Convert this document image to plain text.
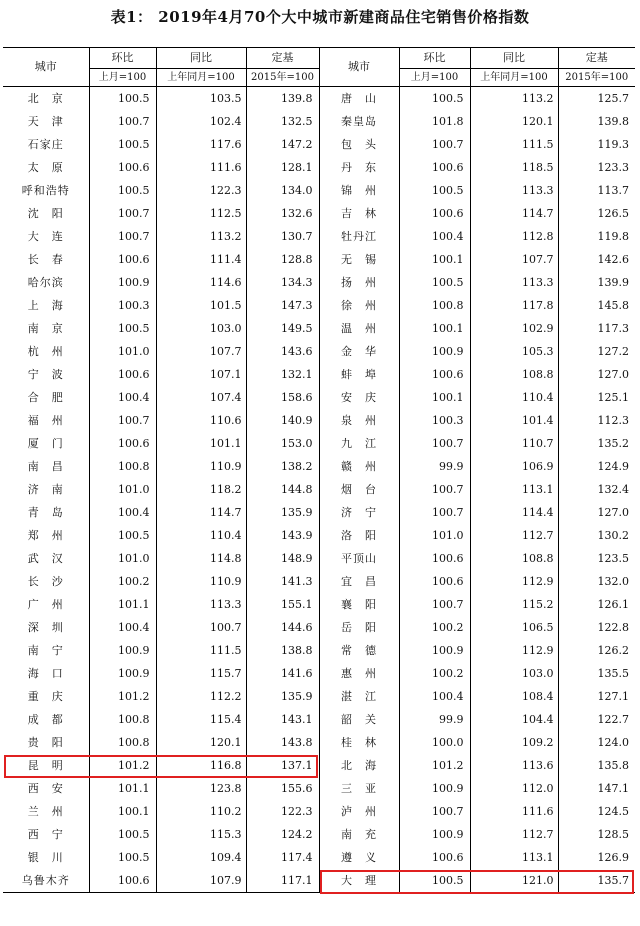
表1： 2019年4月70个大中城市新建商品住宅销售价格指数
城市	环比	同比	定基	城市	环比	同比	定基
	上月=100	上年同月=100	2015年=100		上月=100	上年同月=100	2015年=100
北　京	100.5	103.5	139.8	唐　山	100.5	113.2	125.7
天　津	100.7	102.4	132.5	秦皇岛	101.8	120.1	139.8
石家庄	100.5	117.6	147.2	包　头	100.7	111.5	119.3
太　原	100.6	111.6	128.1	丹　东	100.6	118.5	123.3
呼和浩特	100.5	122.3	134.0	锦　州	100.5	113.3	113.7
沈　阳	100.7	112.5	132.6	吉　林	100.6	114.7	126.5
大　连	100.7	113.2	130.7	牡丹江	100.4	112.8	119.8
长　春	100.6	111.4	128.8	无　锡	100.1	107.7	142.6
哈尔滨	100.9	114.6	134.3	扬　州	100.5	113.3	139.9
上　海	100.3	101.5	147.3	徐　州	100.8	117.8	145.8
南　京	100.5	103.0	149.5	温　州	100.1	102.9	117.3
杭　州	101.0	107.7	143.6	金　华	100.9	105.3	127.2
宁　波	100.6	107.1	132.1	蚌　埠	100.6	108.8	127.0
合　肥	100.4	107.4	158.6	安　庆	100.1	110.4	125.1
福　州	100.7	110.6	140.9	泉　州	100.3	101.4	112.3
厦　门	100.6	101.1	153.0	九　江	100.7	110.7	135.2
南　昌	100.8	110.9	138.2	赣　州	99.9	106.9	124.9
济　南	101.0	118.2	144.8	烟　台	100.7	113.1	132.4
青　岛	100.4	114.7	135.9	济　宁	100.7	114.4	127.0
郑　州	100.5	110.4	143.9	洛　阳	101.0	112.7	130.2
武　汉	101.0	114.8	148.9	平顶山	100.6	108.8	123.5
长　沙	100.2	110.9	141.3	宜　昌	100.6	112.9	132.0
广　州	101.1	113.3	155.1	襄　阳	100.7	115.2	126.1
深　圳	100.4	100.7	144.6	岳　阳	100.2	106.5	122.8
南　宁	100.9	111.5	138.8	常　德	100.9	112.9	126.2
海　口	100.9	115.7	141.6	惠　州	100.2	103.0	135.5
重　庆	101.2	112.2	135.9	湛　江	100.4	108.4	127.1
成　都	100.8	115.4	143.1	韶　关	99.9	104.4	122.7
贵　阳	100.8	120.1	143.8	桂　林	100.0	109.2	124.0
昆　明	101.2	116.8	137.1	北　海	101.2	113.6	135.8
西　安	101.1	123.8	155.6	三　亚	100.9	112.0	147.1
兰　州	100.1	110.2	122.3	泸　州	100.7	111.6	124.5
西　宁	100.5	115.3	124.2	南　充	100.9	112.7	128.5
银　川	100.5	109.4	117.4	遵　义	100.6	113.1	126.9
乌鲁木齐	100.6	107.9	117.1	大　理	100.5	121.0	135.7
